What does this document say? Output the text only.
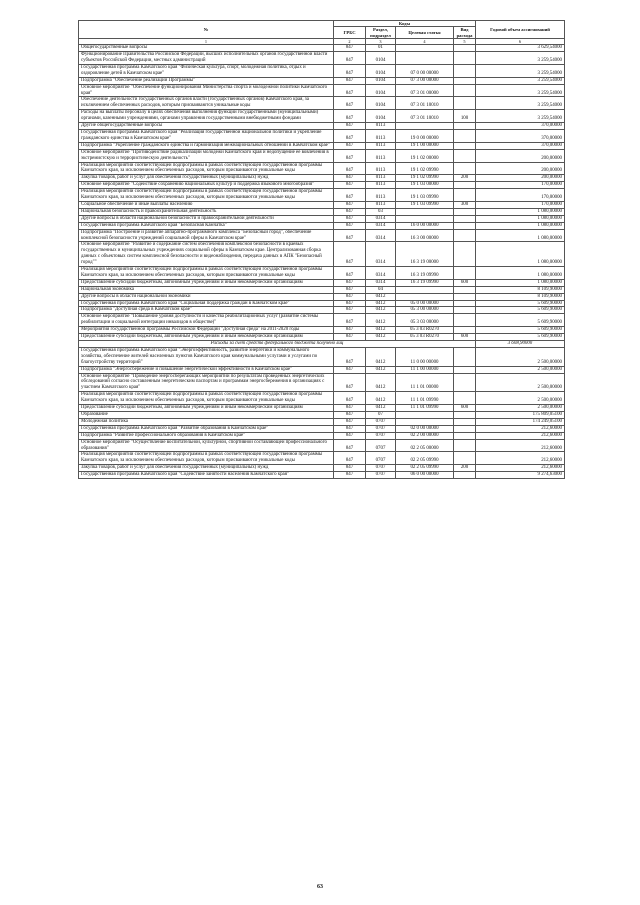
№	Коды				Годовой объем ассигнований
	ГРБС	Раздел, подраздел	Целевая статья	Вид расхода	
1	2	3	4	5	6
Общегосударственные вопросы	847	01			3 629,54000
Функционирование Правительства Российской Федерации, высших исполнительных органов государственной власти субъектов Российской Федерации, местных администраций	847	0104			3 259,54000
Государственная программа Камчатского края "Физическая культура, спорт, молодежная политика, отдых и оздоровление детей в Камчатском крае"	847	0104	07 0 00 00000		3 259,54000
Подпрограмма "Обеспечение реализации Программы"	847	0104	07 3 00 00000		3 259,54000
Основное мероприятие "Обеспечение функционирования Министерства спорта и молодежной политики Камчатского края"	847	0104	07 3 01 00000		3 259,54000
Обеспечение деятельности государственных органов власти (государственных органов) Камчатского края, за исключением обеспеченных расходов, которым присваиваются уникальные коды	847	0104	07 3 01 10010		3 259,54000
Расходы на выплаты персоналу в целях обеспечения выполнения функций государственными (муниципальными) органами, казенными учреждениями, органами управления государственными внебюджетными фондами	847	0104	07 3 01 10010	100	3 259,54000
Другие общегосударственные вопросы	847	0113			370,00000
Государственная программа Камчатского края "Реализация государственной национальной политики и укрепление гражданского единства в Камчатском крае"	847	0113	19 0 00 00000		370,00000
Подпрограмма "Укрепление гражданского единства и гармонизация межнациональных отношений в Камчатском крае"	847	0113	19 1 00 00000		370,00000
Основное мероприятие "Противодействие радикализации молодежи Камчатского края и недопущение ее вовлечения в экстремистскую и террористическую деятельность"	847	0113	19 1 02 00000		200,00000
Реализация мероприятий соответствующей подпрограммы в рамках соответствующей государственной программы Камчатского края, за исключением обеспеченных расходов, которым присваиваются уникальные коды	847	0113	19 1 02 09990		200,00000
Закупка товаров, работ и услуг для обеспечения государственных (муниципальных) нужд	847	0113	19 1 02 09990	200	200,00000
Основное мероприятие "Содействие сохранению национальных культур и поддержка языкового многообразия"	847	0113	19 1 03 00000		170,00000
Реализация мероприятий соответствующей подпрограммы в рамках соответствующей государственной программы Камчатского края, за исключением обеспеченных расходов, которым присваиваются уникальные коды	847	0113	19 1 03 09990		170,00000
Социальное обеспечение и иные выплаты населению	847	0113	19 1 03 09990	300	170,00000
Национальная безопасность и правоохранительная деятельность	847	03			1 080,00000
Другие вопросы в области национальной безопасности и правоохранительной деятельности	847	0314			1 080,00000
Государственная программа Камчатского края "Безопасная Камчатка"	847	0314	16 0 00 00000		1 080,00000
Подпрограмма "Построение и развитие аппаратно-программного комплекса "Безопасный город", обеспечение комплексной безопасности учреждений социальной сферы в Камчатском крае"	847	0314	16 3 00 00000		1 080,00000
Основное мероприятие "Развитие и содержание систем обеспечения комплексной безопасности в краевых государственных и муниципальных учреждениях социальной сферы в Камчатском крае. Централизованная сборка данных с объектовых систем комплексной безопасности и видеонаблюдения, передача данных в АПК "Безопасный город""	847	0314	16 3 19 00000		1 080,00000
Реализация мероприятий соответствующей подпрограммы в рамках соответствующей государственной программы Камчатского края, за исключением обеспеченных расходов, которым присваиваются уникальные коды	847	0314	16 3 19 09990		1 080,00000
Предоставление субсидий бюджетным, автономным учреждениям и иным некоммерческим организациям	847	0314	16 3 19 09990	600	1 080,00000
Национальная экономика	847	04			8 109,90000
Другие вопросы в области национальной экономики	847	0412			8 109,90000
Государственная программа Камчатского края "Социальная поддержка граждан в Камчатском крае"	847	0412	05 0 00 00000		5 609,90000
Подпрограмма "Доступная среда в Камчатском крае"	847	0412	05 3 00 00000		5 609,90000
Основное мероприятие "Повышение уровня доступности и качества реабилитационных услуг (развитие системы реабилитации и социальной интеграции инвалидов в обществе)"	847	0412	05 3 03 00000		5 609,90000
Мероприятия государственной программы Российской Федерации "Доступная среда" на 2011-2020 годы	847	0412	05 3 03 R0270		5 609,90000
Предоставление субсидий бюджетным, автономным учреждениям и иным некоммерческим организациям	847	0412	05 3 03 R0270	600	5 609,90000
Расходы за счет средств федерального бюджета получено лиц					3 608,90000
Государственная программа Камчатского края "Энергоэффективность, развитие энергетики и коммунального хозяйства, обеспечение жителей населенных пунктов Камчатского края коммунальными услугами и услугами по благоустройству территорий"	847	0412	11 0 00 00000		2 500,00000
Подпрограмма "Энергосбережение и повышение энергетической эффективности в Камчатском крае"	847	0412	11 1 00 00000		2 500,00000
Основное мероприятие "Проведение энергосберегающих мероприятий по результатам проведенных энергетических обследований согласно составленным энергетическим паспортам и программам энергосбережения в организациях с участием Камчатского края"	847	0412	11 1 01 00000		2 500,00000
Реализация мероприятий соответствующей подпрограммы в рамках соответствующей государственной программы Камчатского края, за исключением обеспеченных расходов, которым присваиваются уникальные коды	847	0412	11 1 01 09990		2 500,00000
Предоставление субсидий бюджетным, автономным учреждениям и иным некоммерческим организациям	847	0412	11 1 01 09990	600	2 500,00000
Образование	847	07			175 809,05100
Молодежная политика	847	0707			174 249,05100
Государственная программа Камчатского края "Развитие образования в Камчатском крае"	847	0707	02 0 00 00000		212,60000
Подпрограмма "Развитие профессионального образования в Камчатском крае"	847	0707	02 2 00 00000		212,60000
Основное мероприятие "Осуществление воспитательной, культурной, спортивной составляющей профессионального образования"	847	0707	02 2 05 00000		212,60000
Реализация мероприятий соответствующей подпрограммы в рамках соответствующей государственной программы Камчатского края, за исключением обеспеченных расходов, которым присваиваются уникальные коды	847	0707	02 2 05 09990		212,60000
Закупка товаров, работ и услуг для обеспечения государственных (муниципальных) нужд	847	0707	02 2 05 09990	200	212,60000
Государственная программа Камчатского края "Содействие занятости населения Камчатского края"	847	0707	06 0 00 00000		9 274,63000
63
